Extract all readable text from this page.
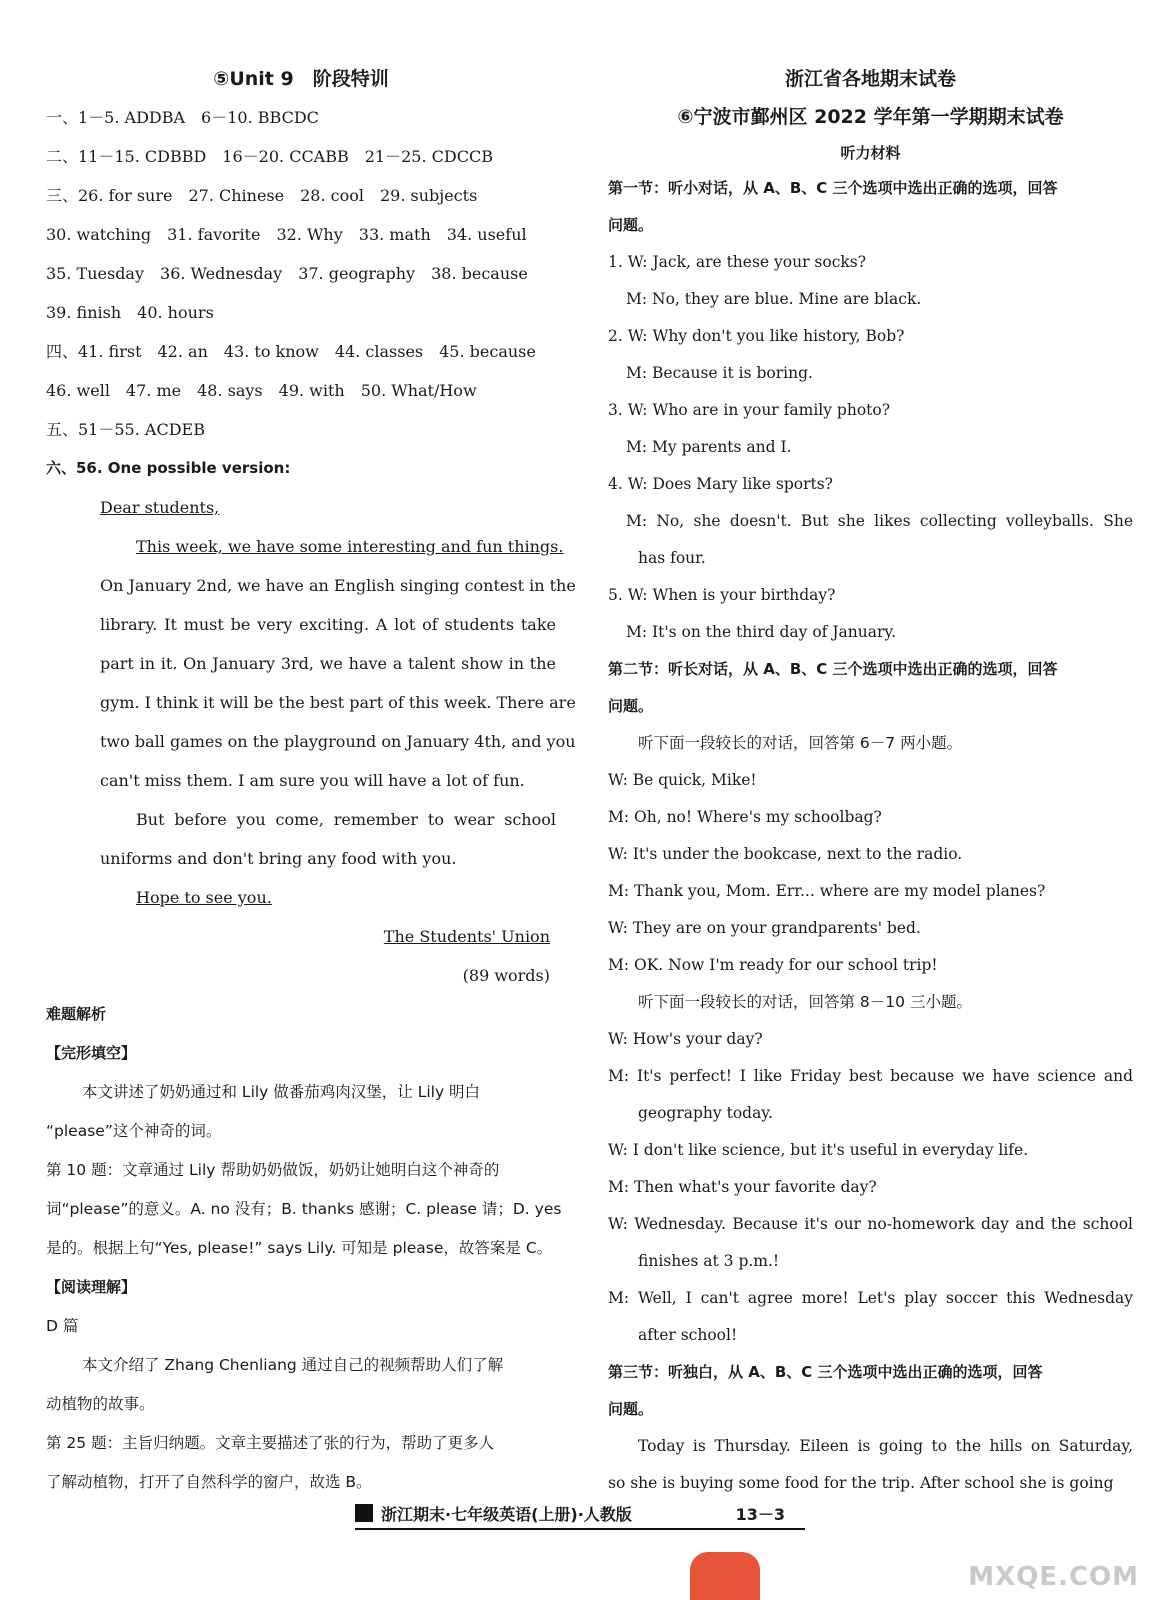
⑤Unit 9　阶段特训
一、1－5. ADDBA　6－10. BBCDC
二、11－15. CDBBD　16－20. CCABB　21－25. CDCCB
三、26. for sure　27. Chinese　28. cool　29. subjects
30. watching　31. favorite　32. Why　33. math　34. useful
35. Tuesday　36. Wednesday　37. geography　38. because
39. finish　40. hours
四、41. first　42. an　43. to know　44. classes　45. because
46. well　47. me　48. says　49. with　50. What/How
五、51－55. ACDEB
六、56. One possible version:
Dear students,
This week, we have some interesting and fun things.
On January 2nd, we have an English singing contest in the
library. It must be very exciting. A lot of students take
part in it. On January 3rd, we have a talent show in the
gym. I think it will be the best part of this week. There are
two ball games on the playground on January 4th, and you
can't miss them. I am sure you will have a lot of fun.
But before you come, remember to wear school
uniforms and don't bring any food with you.
Hope to see you.
The Students' Union
(89 words)
难题解析
【完形填空】
本文讲述了奶奶通过和 Lily 做番茄鸡肉汉堡，让 Lily 明白
“please”这个神奇的词。
第 10 题：文章通过 Lily 帮助奶奶做饭，奶奶让她明白这个神奇的
词“please”的意义。A. no 没有；B. thanks 感谢；C. please 请；D. yes
是的。根据上句“Yes, please!” says Lily. 可知是 please，故答案是 C。
【阅读理解】
D 篇
本文介绍了 Zhang Chenliang 通过自己的视频帮助人们了解
动植物的故事。
第 25 题：主旨归纳题。文章主要描述了张的行为，帮助了更多人
了解动植物，打开了自然科学的窗户，故选 B。
浙江省各地期末试卷
⑥宁波市鄞州区 2022 学年第一学期期末试卷
听力材料
第一节：听小对话，从 A、B、C 三个选项中选出正确的选项，回答
问题。
1. W: Jack, are these your socks?
M: No, they are blue. Mine are black.
2. W: Why don't you like history, Bob?
M: Because it is boring.
3. W: Who are in your family photo?
M: My parents and I.
4. W: Does Mary like sports?
M: No, she doesn't. But she likes collecting volleyballs. She
has four.
5. W: When is your birthday?
M: It's on the third day of January.
第二节：听长对话，从 A、B、C 三个选项中选出正确的选项，回答
问题。
听下面一段较长的对话，回答第 6－7 两小题。
W: Be quick, Mike!
M: Oh, no! Where's my schoolbag?
W: It's under the bookcase, next to the radio.
M: Thank you, Mom. Err... where are my model planes?
W: They are on your grandparents' bed.
M: OK. Now I'm ready for our school trip!
听下面一段较长的对话，回答第 8－10 三小题。
W: How's your day?
M: It's perfect! I like Friday best because we have science and
geography today.
W: I don't like science, but it's useful in everyday life.
M: Then what's your favorite day?
W: Wednesday. Because it's our no-homework day and the school
finishes at 3 p.m.!
M: Well, I can't agree more! Let's play soccer this Wednesday
after school!
第三节：听独白，从 A、B、C 三个选项中选出正确的选项，回答
问题。
Today is Thursday. Eileen is going to the hills on Saturday,
so she is buying some food for the trip. After school she is going
浙江期末·七年级英语(上册)·人教版	13－3
MXQE.COM
